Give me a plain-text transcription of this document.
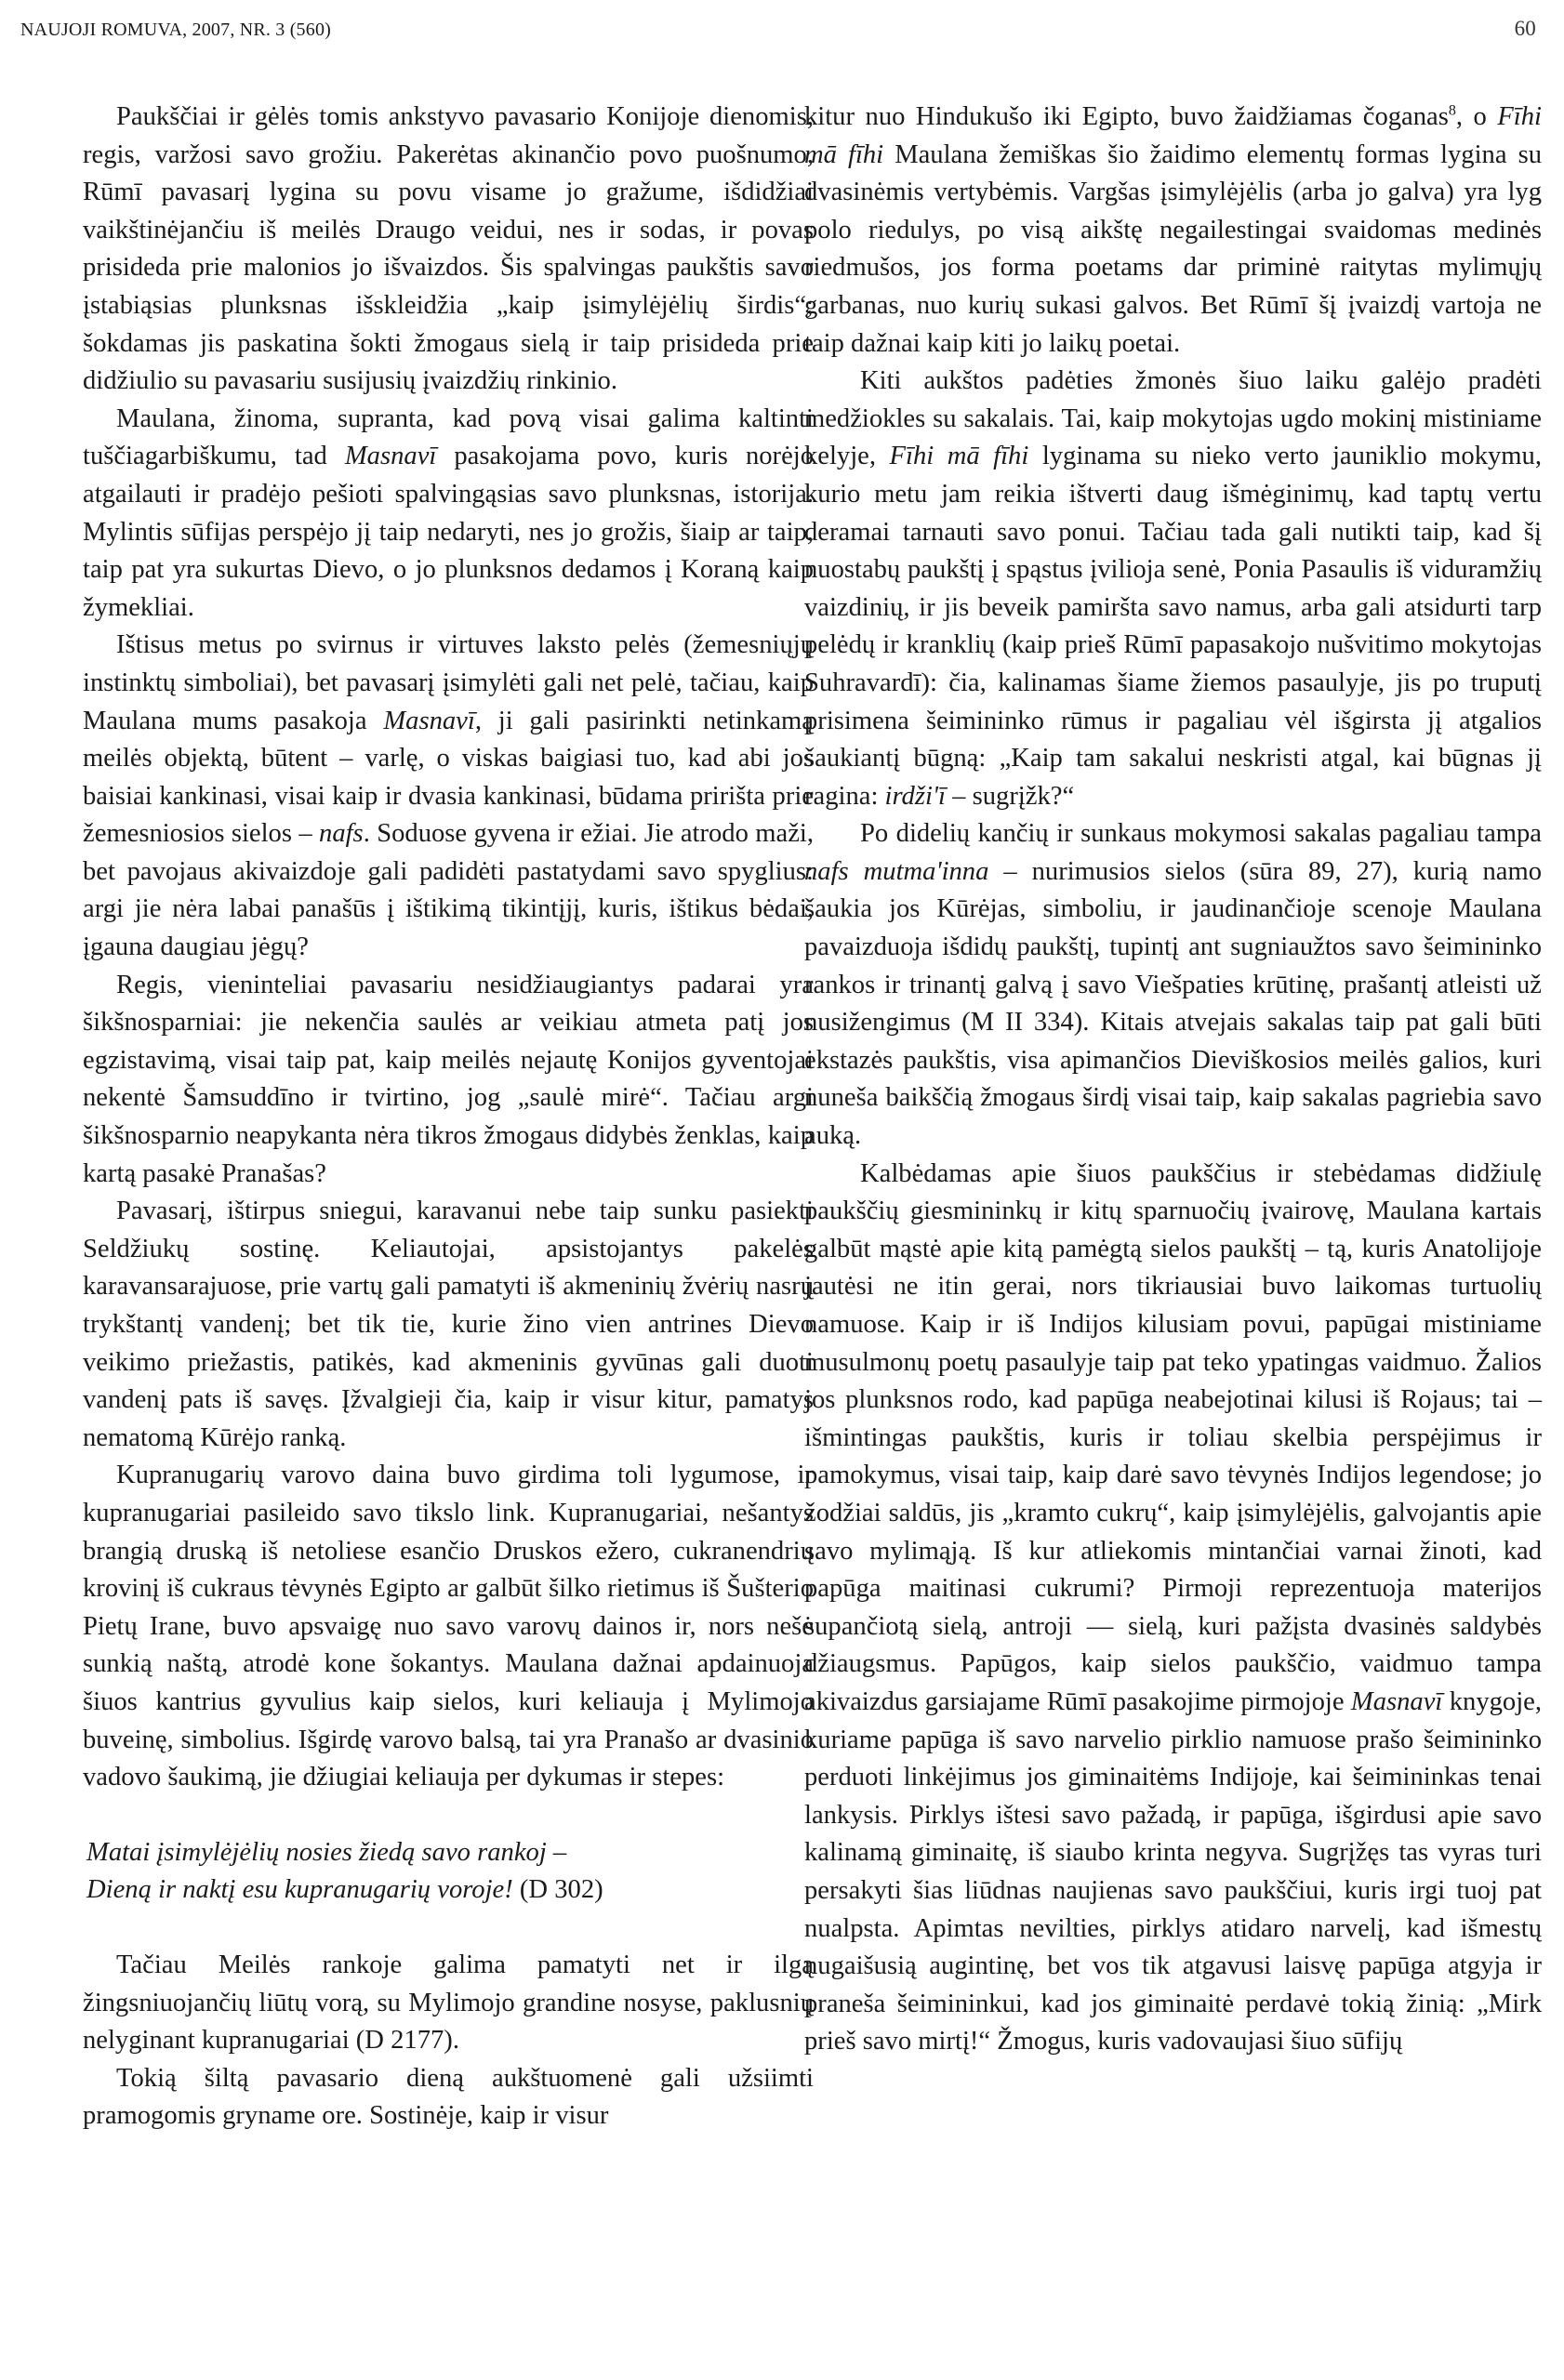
NAUJOJI ROMUVA, 2007, NR. 3 (560)	60

Paukščiai ir gėlės tomis ankstyvo pavasario Konijoje dienomis, regis, varžosi savo grožiu. Pakerėtas akinančio povo puošnumo, Rūmī pavasarį lygina su povu visame jo gražume, išdidžiai vaikštinėjančiu iš meilės Draugo veidui, nes ir sodas, ir povas prisideda prie malonios jo išvaizdos. Šis spalvingas paukštis savo įstabiąsias plunksnas išskleidžia „kaip įsimylėjėlių širdis“; šokdamas jis paskatina šokti žmogaus sielą ir taip prisideda prie didžiulio su pavasariu susijusių įvaizdžių rinkinio.

Maulana, žinoma, supranta, kad povą visai galima kaltinti tuščiagarbiškumu, tad Masnavī pasakojama povo, kuris norėjo atgailauti ir pradėjo pešioti spalvingąsias savo plunksnas, istorija. Mylintis sūfijas perspėjo jį taip nedaryti, nes jo grožis, šiaip ar taip, taip pat yra sukurtas Dievo, o jo plunksnos dedamos į Koraną kaip žymekliai.

Ištisus metus po svirnus ir virtuves laksto pelės (žemesniųjų instinktų simboliai), bet pavasarį įsimylėti gali net pelė, tačiau, kaip Maulana mums pasakoja Masnavī, ji gali pasirinkti netinkamą meilės objektą, būtent – varlę, o viskas baigiasi tuo, kad abi jos baisiai kankinasi, visai kaip ir dvasia kankinasi, būdama pririšta prie žemesniosios sielos – nafs. Soduose gyvena ir ežiai. Jie atrodo maži, bet pavojaus akivaizdoje gali padidėti pastatydami savo spyglius: argi jie nėra labai panašūs į ištikimą tikintįjį, kuris, ištikus bėdai, įgauna daugiau jėgų?

Regis, vieninteliai pavasariu nesidžiaugiantys padarai yra šikšnosparniai: jie nekenčia saulės ar veikiau atmeta patį jos egzistavimą, visai taip pat, kaip meilės nejautę Konijos gyventojai nekentė Šamsuddīno ir tvirtino, jog „saulė mirė“. Tačiau argi šikšnosparnio neapykanta nėra tikros žmogaus didybės ženklas, kaip kartą pasakė Pranašas?

Pavasarį, ištirpus sniegui, karavanui nebe taip sunku pasiekti Seldžiukų sostinę. Keliautojai, apsistojantys pakelės karavansarajuose, prie vartų gali pamatyti iš akmeninių žvėrių nasrų trykštantį vandenį; bet tik tie, kurie žino vien antrines Dievo veikimo priežastis, patikės, kad akmeninis gyvūnas gali duoti vandenį pats iš savęs. Įžvalgieji čia, kaip ir visur kitur, pamatys nematomą Kūrėjo ranką.

Kupranugarių varovo daina buvo girdima toli lygumose, ir kupranugariai pasileido savo tikslo link. Kupranugariai, nešantys brangią druską iš netoliese esančio Druskos ežero, cukranendrių krovinį iš cukraus tėvynės Egipto ar galbūt šilko rietimus iš Šušterio Pietų Irane, buvo apsvaigę nuo savo varovų dainos ir, nors nešė sunkią naštą, atrodė kone šokantys. Maulana dažnai apdainuoja šiuos kantrius gyvulius kaip sielos, kuri keliauja į Mylimojo buveinę, simbolius. Išgirdę varovo balsą, tai yra Pranašo ar dvasinio vadovo šaukimą, jie džiugiai keliauja per dykumas ir stepes:

Matai įsimylėjėlių nosies žiedą savo rankoj –
Dieną ir naktį esu kupranugarių voroje! (D 302)

Tačiau Meilės rankoje galima pamatyti net ir ilgą žingsniuojančių liūtų vorą, su Mylimojo grandine nosyse, paklusnių nelyginant kupranugariai (D 2177).

Tokią šiltą pavasario dieną aukštuomenė gali užsiimti pramogomis gryname ore. Sostinėje, kaip ir visur

kitur nuo Hindukušo iki Egipto, buvo žaidžiamas čoganas$^8$, o Fīhi mā fīhi Maulana žemiškas šio žaidimo elementų formas lygina su dvasinėmis vertybėmis. Vargšas įsimylėjėlis (arba jo galva) yra lyg polo riedulys, po visą aikštę negailestingai svaidomas medinės riedmušos, jos forma poetams dar priminė raitytas mylimųjų garbanas, nuo kurių sukasi galvos. Bet Rūmī šį įvaizdį vartoja ne taip dažnai kaip kiti jo laikų poetai.

Kiti aukštos padėties žmonės šiuo laiku galėjo pradėti medžiokles su sakalais. Tai, kaip mokytojas ugdo mokinį mistiniame kelyje, Fīhi mā fīhi lyginama su nieko verto jauniklio mokymu, kurio metu jam reikia ištverti daug išmėginimų, kad taptų vertu deramai tarnauti savo ponui. Tačiau tada gali nutikti taip, kad šį nuostabų paukštį į spąstus įvilioja senė, Ponia Pasaulis iš viduramžių vaizdinių, ir jis beveik pamiršta savo namus, arba gali atsidurti tarp pelėdų ir kranklių (kaip prieš Rūmī papasakojo nušvitimo mokytojas Suhravardī): čia, kalinamas šiame žiemos pasaulyje, jis po truputį prisimena šeimininko rūmus ir pagaliau vėl išgirsta jį atgalios šaukiantį būgną: „Kaip tam sakalui neskristi atgal, kai būgnas jį ragina: irdži'ī – sugrįžk?“

Po didelių kančių ir sunkaus mokymosi sakalas pagaliau tampa nafs mutma'inna – nurimusios sielos (sūra 89, 27), kurią namo šaukia jos Kūrėjas, simboliu, ir jaudinančioje scenoje Maulana pavaizduoja išdidų paukštį, tupintį ant sugniaužtos savo šeimininko rankos ir trinantį galvą į savo Viešpaties krūtinę, prašantį atleisti už nusižengimus (M II 334). Kitais atvejais sakalas taip pat gali būti ekstazės paukštis, visa apimančios Dieviškosios meilės galios, kuri nuneša baikščią žmogaus širdį visai taip, kaip sakalas pagriebia savo auką.

Kalbėdamas apie šiuos paukščius ir stebėdamas didžiulę paukščių giesmininkų ir kitų sparnuočių įvairovę, Maulana kartais galbūt mąstė apie kitą pamėgtą sielos paukštį – tą, kuris Anatolijoje jautėsi ne itin gerai, nors tikriausiai buvo laikomas turtuolių namuose. Kaip ir iš Indijos kilusiam povui, papūgai mistiniame musulmonų poetų pasaulyje taip pat teko ypatingas vaidmuo. Žalios jos plunksnos rodo, kad papūga neabejotinai kilusi iš Rojaus; tai – išmintingas paukštis, kuris ir toliau skelbia perspėjimus ir pamokymus, visai taip, kaip darė savo tėvynės Indijos legendose; jo žodžiai saldūs, jis „kramto cukrų“, kaip įsimylėjėlis, galvojantis apie savo mylimąją. Iš kur atliekomis mintančiai varnai žinoti, kad papūga maitinasi cukrumi? Pirmoji reprezentuoja materijos supančiotą sielą, antroji — sielą, kuri pažįsta dvasinės saldybės džiaugsmus. Papūgos, kaip sielos paukščio, vaidmuo tampa akivaizdus garsiajame Rūmī pasakojime pirmojoje Masnavī knygoje, kuriame papūga iš savo narvelio pirklio namuose prašo šeimininko perduoti linkėjimus jos giminaitėms Indijoje, kai šeimininkas tenai lankysis. Pirklys ištesi savo pažadą, ir papūga, išgirdusi apie savo kalinamą giminaitę, iš siaubo krinta negyva. Sugrįžęs tas vyras turi persakyti šias liūdnas naujienas savo paukščiui, kuris irgi tuoj pat nualpsta. Apimtas nevilties, pirklys atidaro narvelį, kad išmestų nugaišusią augintinę, bet vos tik atgavusi laisvę papūga atgyja ir praneša šeimininkui, kad jos giminaitė perdavė tokią žinią: „Mirk prieš savo mirtį!“ Žmogus, kuris vadovaujasi šiuo sūfijų
